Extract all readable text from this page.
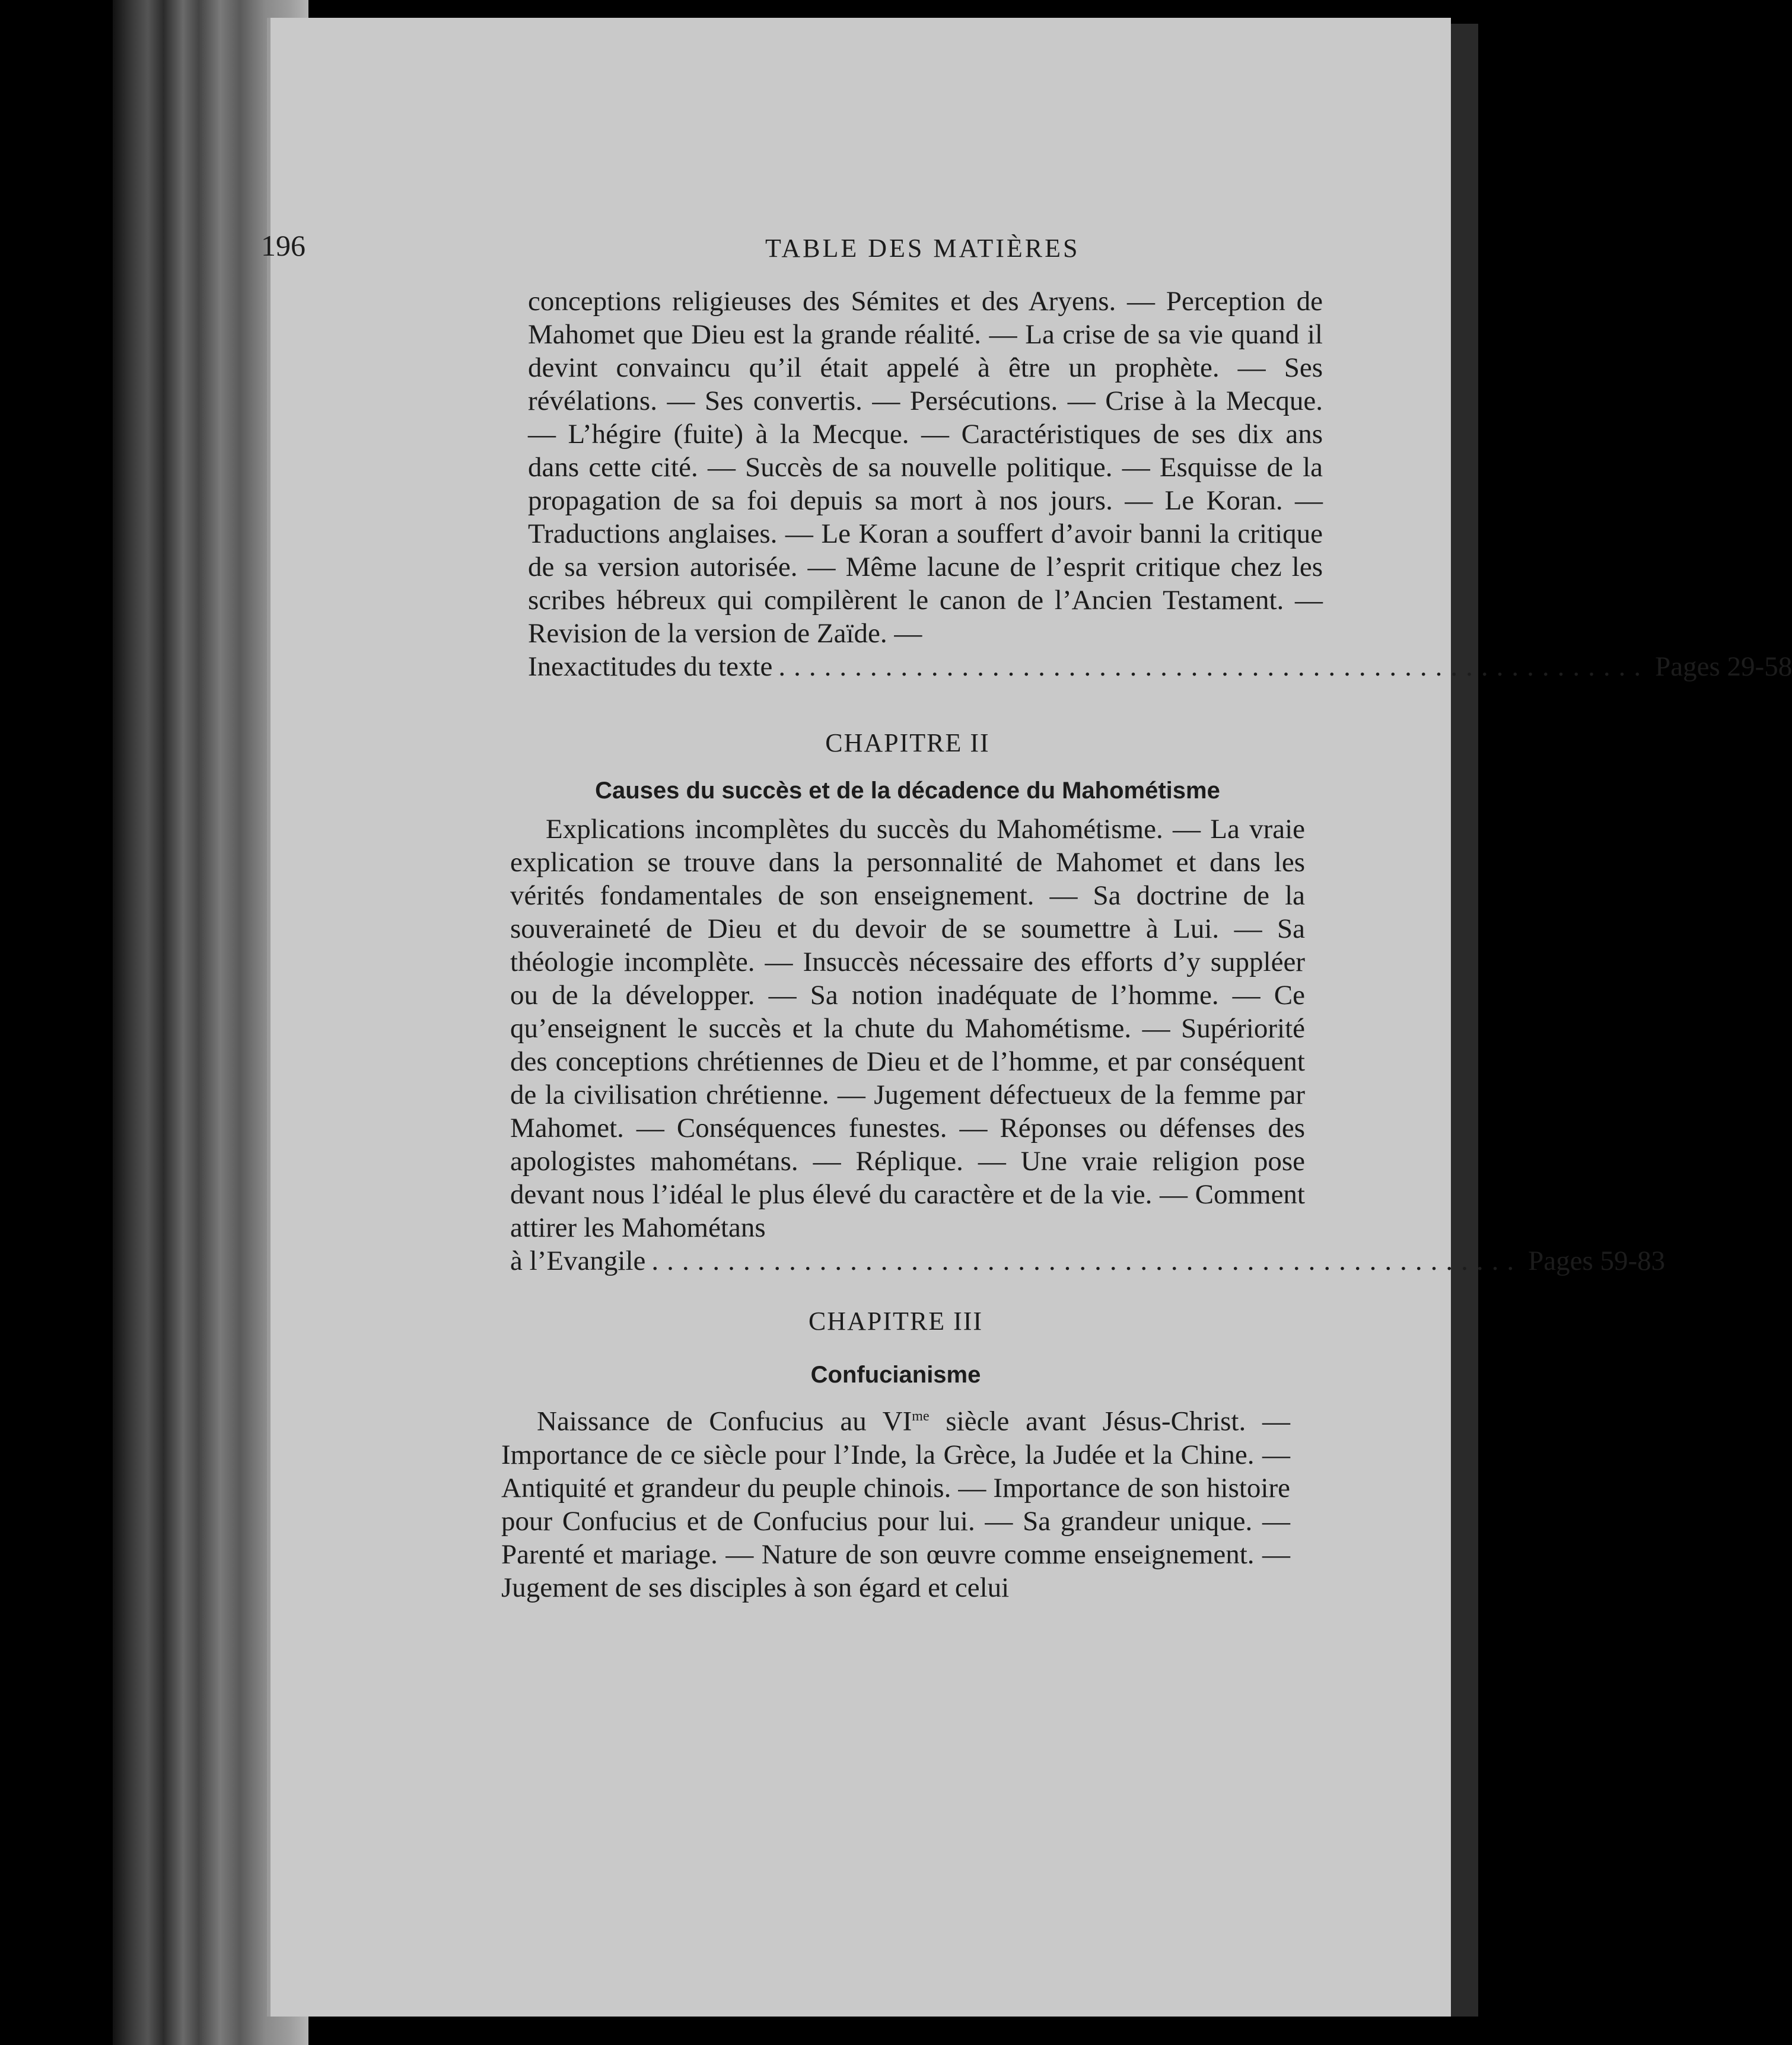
196	TABLE DES MATIÈRES

conceptions religieuses des Sémites et des Aryens. — Perception de Mahomet que Dieu est la grande réalité. — La crise de sa vie quand il devint convaincu qu’il était appelé à être un prophète. — Ses révélations. — Ses convertis. — Persécutions. — Crise à la Mecque. — L’hégire (fuite) à la Mecque. — Caractéristiques de ses dix ans dans cette cité. — Succès de sa nouvelle politique. — Esquisse de la propagation de sa foi depuis sa mort à nos jours. — Le Koran. — Traductions anglaises. — Le Koran a souffert d’avoir banni la critique de sa version autorisée. — Même lacune de l’esprit critique chez les scribes hébreux qui compilèrent le canon de l’Ancien Testament. — Revision de la version de Zaïde. —

Inexactitudes du texte ......................................................... Pages 29-58
CHAPITRE II
Causes du succès et de la décadence du Mahométisme

Explications incomplètes du succès du Mahométisme. — La vraie explication se trouve dans la personnalité de Mahomet et dans les vérités fondamentales de son enseignement. — Sa doctrine de la souveraineté de Dieu et du devoir de se soumettre à Lui. — Sa théologie incomplète. — Insuccès nécessaire des efforts d’y suppléer ou de la développer. — Sa notion inadéquate de l’homme. — Ce qu’enseignent le succès et la chute du Mahométisme. — Supériorité des conceptions chrétiennes de Dieu et de l’homme, et par conséquent de la civilisation chrétienne. — Jugement défectueux de la femme par Mahomet. — Conséquences funestes. — Réponses ou défenses des apologistes mahométans. — Réplique. — Une vraie religion pose devant nous l’idéal le plus élevé du caractère et de la vie. — Comment attirer les Mahométans

à l’Evangile ......................................................... Pages 59-83
CHAPITRE III
Confucianisme

Naissance de Confucius au $VI^{me}$ siècle avant Jésus-Christ. — Importance de ce siècle pour l’Inde, la Grèce, la Judée et la Chine. — Antiquité et grandeur du peuple chinois. — Importance de son histoire pour Confucius et de Confucius pour lui. — Sa grandeur unique. — Parenté et mariage. — Nature de son œuvre comme enseignement. — Jugement de ses disciples à son égard et celui
